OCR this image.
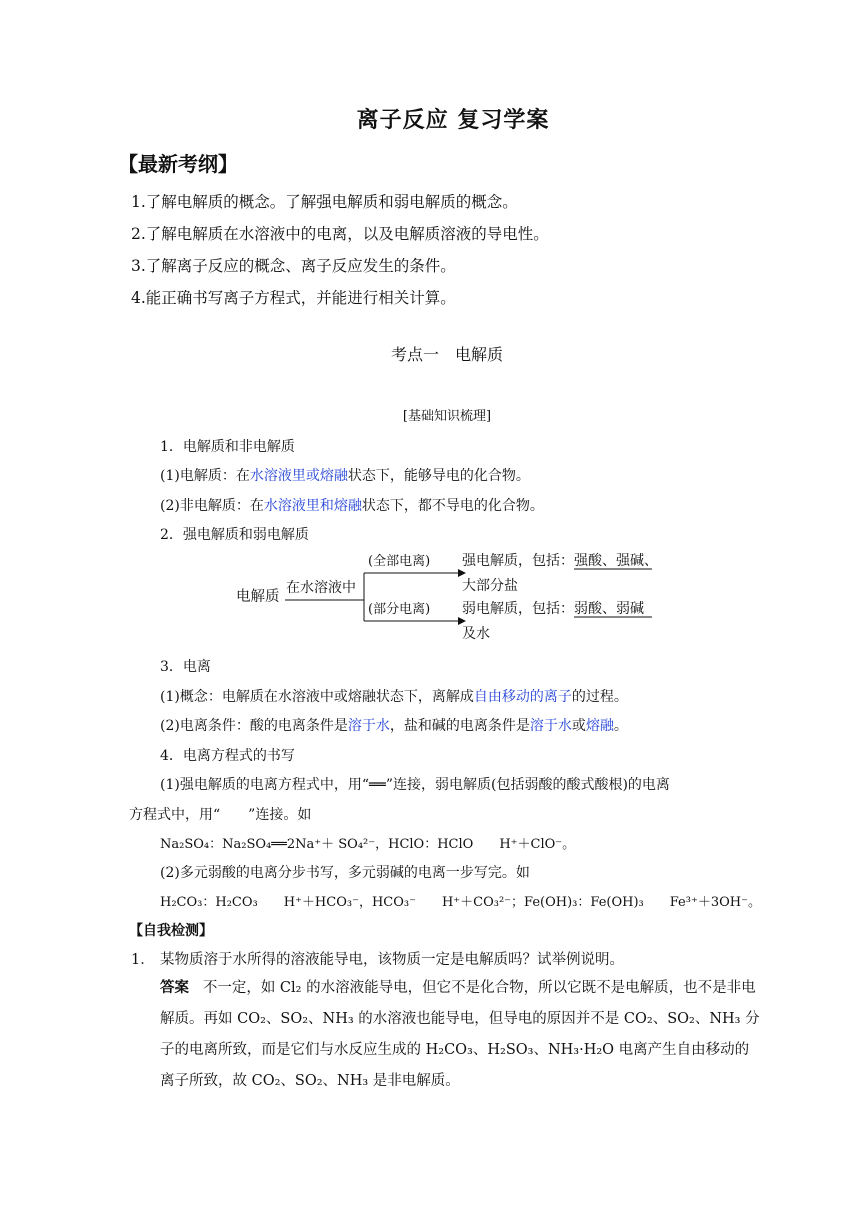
离子反应 复习学案
【最新考纲】
1.了解电解质的概念。了解强电解质和弱电解质的概念。
2.了解电解质在水溶液中的电离，以及电解质溶液的导电性。
3.了解离子反应的概念、离子反应发生的条件。
4.能正确书写离子方程式，并能进行相关计算。
考点一　电解质
[基础知识梳理]
1．电解质和非电解质
(1)电解质：在水溶液里或熔融状态下，能够导电的化合物。
(2)非电解质：在水溶液里和熔融状态下，都不导电的化合物。
2．强电解质和弱电解质
电解质
在水溶液中
(全部电离)
(部分电离)
强电解质，包括：强酸、强碱、
大部分盐
弱电解质，包括：弱酸、弱碱
及水
3．电离
(1)概念：电解质在水溶液中或熔融状态下，离解成自由移动的离子的过程。
(2)电离条件：酸的电离条件是溶于水，盐和碱的电离条件是溶于水或熔融。
4．电离方程式的书写
(1)强电解质的电离方程式中，用“══”连接，弱电解质(包括弱酸的酸式酸根)的电离
方程式中，用“　　”连接。如
Na₂SO₄：Na₂SO₄══2Na⁺＋ SO₄²⁻，HClO：HClO　　H⁺＋ClO⁻。
(2)多元弱酸的电离分步书写，多元弱碱的电离一步写完。如
H₂CO₃：H₂CO₃　　H⁺＋HCO₃⁻，HCO₃⁻　　H⁺＋CO₃²⁻；Fe(OH)₃：Fe(OH)₃　　Fe³⁺＋3OH⁻。
【自我检测】
1． 某物质溶于水所得的溶液能导电，该物质一定是电解质吗？试举例说明。
答案 不一定，如 Cl₂ 的水溶液能导电，但它不是化合物，所以它既不是电解质，也不是非电解质。再如 CO₂、SO₂、NH₃ 的水溶液也能导电，但导电的原因并不是 CO₂、SO₂、NH₃ 分子的电离所致，而是它们与水反应生成的 H₂CO₃、H₂SO₃、NH₃·H₂O 电离产生自由移动的离子所致，故 CO₂、SO₂、NH₃ 是非电解质。
